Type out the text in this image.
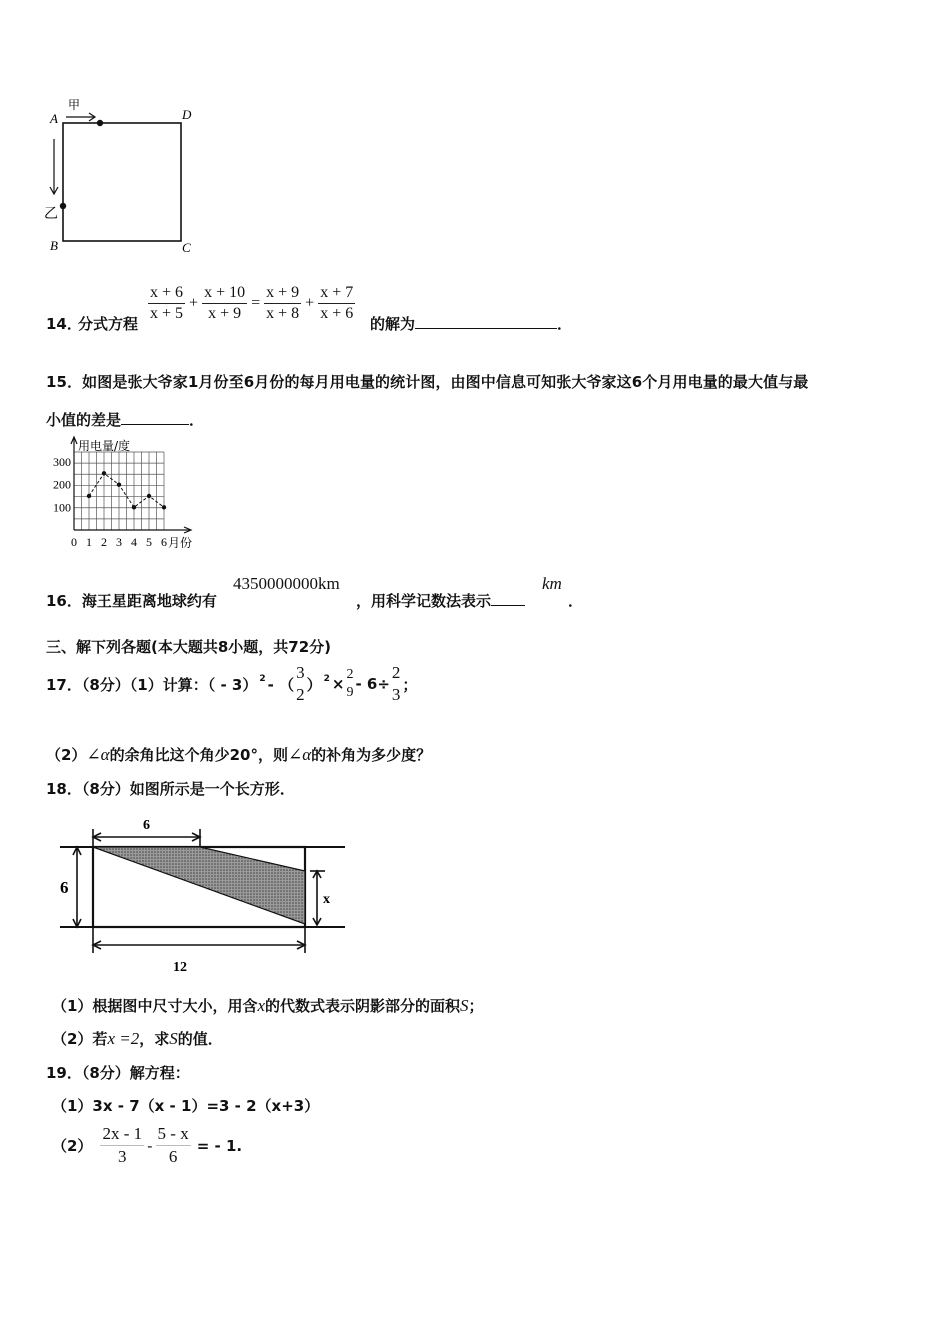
A	D
B	C
甲
乙
14．
分式方程
$\frac{x + 6}{x + 5} + \frac{x + 10}{x + 9} = \frac{x + 9}{x + 8} + \frac{x + 7}{x + 6}$
的解为	．
15．如图是张大爷家1月份至6月份的每月用电量的统计图，由图中信息可知张大爷家这6个月用电量的最大值与最
小值的差是	．
100
200
300
0 1 2 3 4 5 6
用电量/度
月份
16．海王星距离地球约有
4350000000km
，用科学记数法表示
km
．
三、解下列各题(本大题共8小题，共72分)
17．（8分）（1）计算：（ - 3）$^2$ - （
3
2
）$^2$ ×
2
9 - 6÷
2
3
；
（2）∠α的余角比这个角少20°，则∠α的补角为多少度？
18．（8分）如图所示是一个长方形．
6
6
x
12
（1）根据图中尺寸大小，用含x的代数式表示阴影部分的面积S；
（2）若x =2，求S的值．
19．（8分）解方程：
（1）3x - 7（x - 1）=3 - 2（x+3）
$(2) \frac{2x - 1}{3} - \frac{5 - x}{6}$ = - 1.
